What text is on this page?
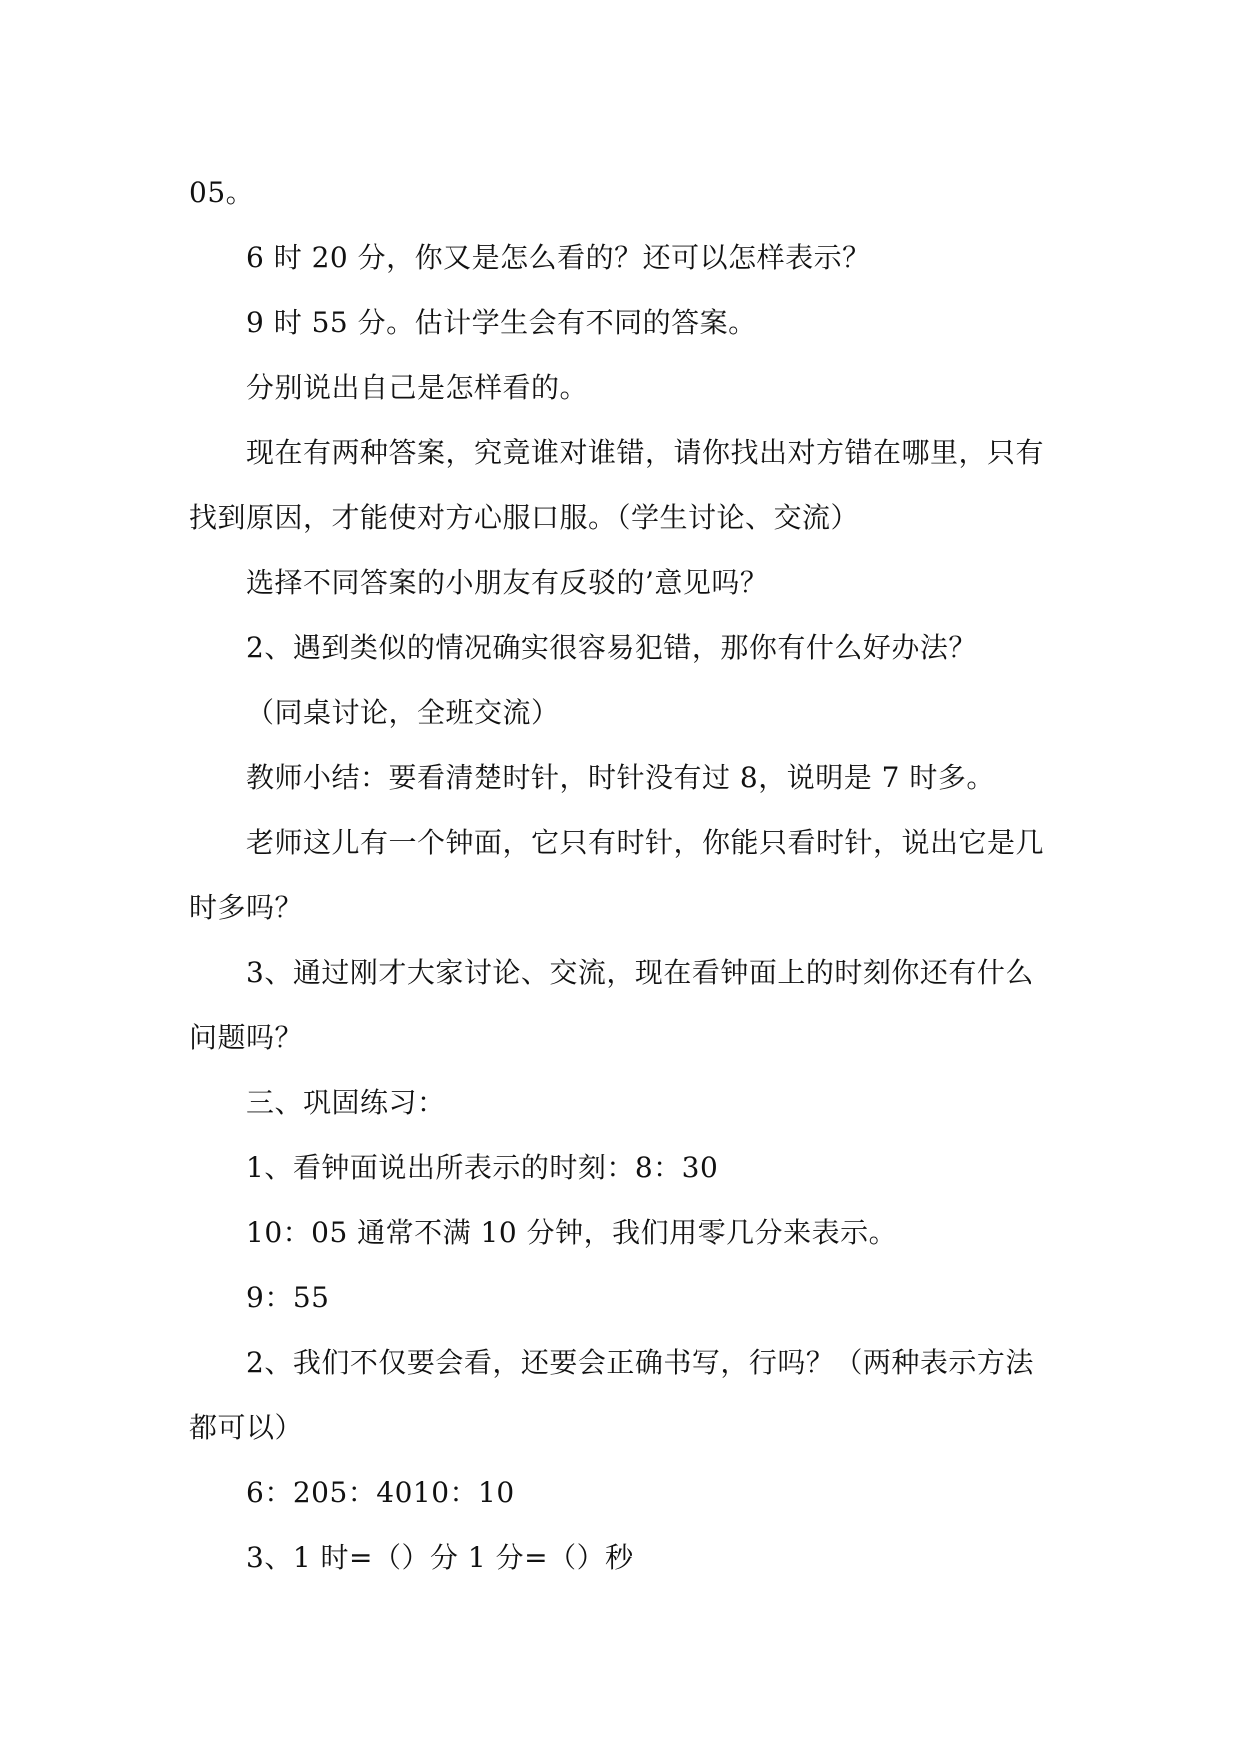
05。

6 时 20 分，你又是怎么看的？还可以怎样表示？

9 时 55 分。估计学生会有不同的答案。

分别说出自己是怎样看的。

现在有两种答案，究竟谁对谁错，请你找出对方错在哪里，只有找到原因，才能使对方心服口服。（学生讨论、交流）

选择不同答案的小朋友有反驳的’意见吗？

2、遇到类似的情况确实很容易犯错，那你有什么好办法？

（同桌讨论，全班交流）

教师小结：要看清楚时针，时针没有过 8，说明是 7 时多。

老师这儿有一个钟面，它只有时针，你能只看时针，说出它是几时多吗？

3、通过刚才大家讨论、交流，现在看钟面上的时刻你还有什么问题吗？

三、巩固练习：

1、看钟面说出所表示的时刻：8：30

10：05 通常不满 10 分钟，我们用零几分来表示。

9：55

2、我们不仅要会看，还要会正确书写，行吗？（两种表示方法都可以）

6：205：4010：10

3、1 时=（）分 1 分=（）秒
